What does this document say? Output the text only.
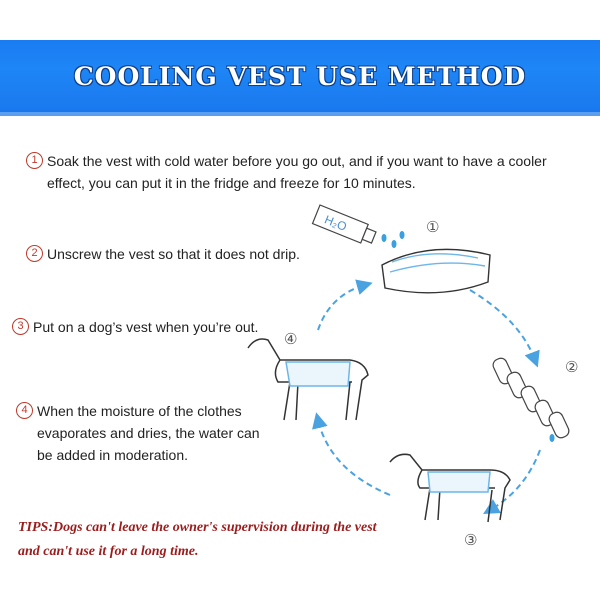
COOLING VEST USE METHOD
1 Soak the vest with cold water before you go out, and if you want to have a cooler effect, you can put it in the fridge and freeze for 10 minutes.
2 Unscrew the vest so that it does not drip.
3 Put on a dog’s vest when you’re out.
4 When the moisture of the clothes evaporates and dries, the water can be added in moderation.
H₂O	①
②
③
④
TIPS:Dogs can't leave the owner's supervision during the vest and can't use it for a long time.
